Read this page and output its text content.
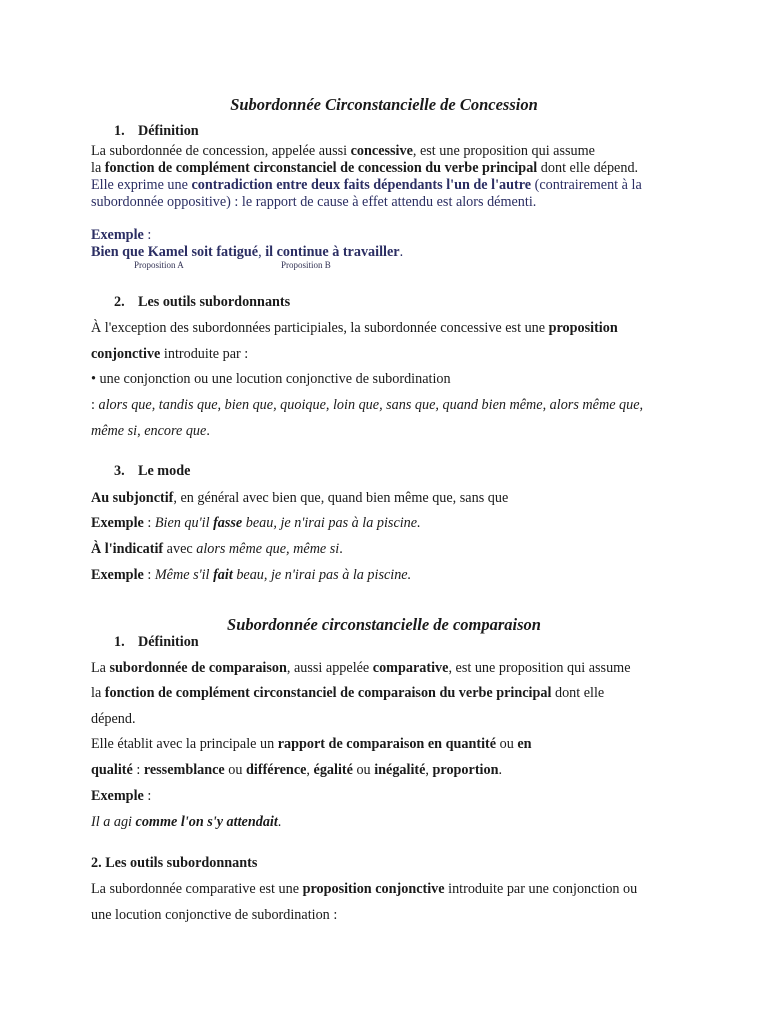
Subordonnée Circonstancielle de Concession
1. Définition
La subordonnée de concession, appelée aussi concessive, est une proposition qui assume
la fonction de complément circonstanciel de concession du verbe principal dont elle dépend.
Elle exprime une contradiction entre deux faits dépendants l'un de l'autre (contrairement à la
subordonnée oppositive) : le rapport de cause à effet attendu est alors démenti.
Exemple :
Bien que Kamel soit fatigué, il continue à travailler.
Proposition A	Proposition B
2. Les outils subordonnants
À l'exception des subordonnées participiales, la subordonnée concessive est une proposition
conjonctive introduite par :
• une conjonction ou une locution conjonctive de subordination
: alors que, tandis que, bien que, quoique, loin que, sans que, quand bien même, alors même que,
même si, encore que.
3. Le mode
Au subjonctif, en général avec bien que, quand bien même que, sans que
Exemple : Bien qu'il fasse beau, je n'irai pas à la piscine.
À l'indicatif avec alors même que, même si.
Exemple : Même s'il fait beau, je n'irai pas à la piscine.
Subordonnée circonstancielle de comparaison
1. Définition
La subordonnée de comparaison, aussi appelée comparative, est une proposition qui assume
la fonction de complément circonstanciel de comparaison du verbe principal dont elle
dépend.
Elle établit avec la principale un rapport de comparaison en quantité ou en
qualité : ressemblance ou différence, égalité ou inégalité, proportion.
Exemple :
Il a agi comme l'on s'y attendait.
2. Les outils subordonnants
La subordonnée comparative est une proposition conjonctive introduite par une conjonction ou
une locution conjonctive de subordination :
